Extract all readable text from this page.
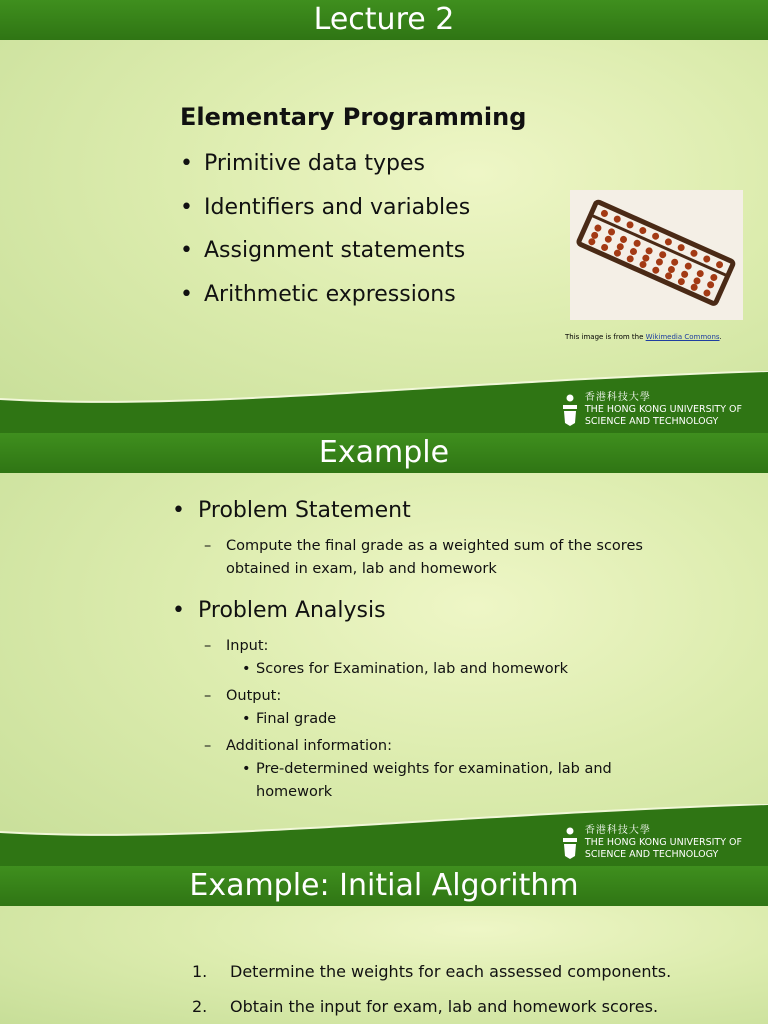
Lecture 2
Elementary Programming
• Primitive data types
• Identifiers and variables
• Assignment statements
• Arithmetic expressions
This image is from the Wikimedia Commons.
香港科技大學
THE HONG KONG UNIVERSITY OF
SCIENCE AND TECHNOLOGY
Example
• Problem Statement
– Compute the final grade as a weighted sum of the scores obtained in exam, lab and homework
• Problem Analysis
– Input:
• Scores for Examination, lab and homework
– Output:
• Final grade
– Additional information:
• Pre-determined weights for examination, lab and homework
香港科技大學
THE HONG KONG UNIVERSITY OF
SCIENCE AND TECHNOLOGY
Example: Initial Algorithm
1. Determine the weights for each assessed components.
2. Obtain the input for exam, lab and homework scores.
